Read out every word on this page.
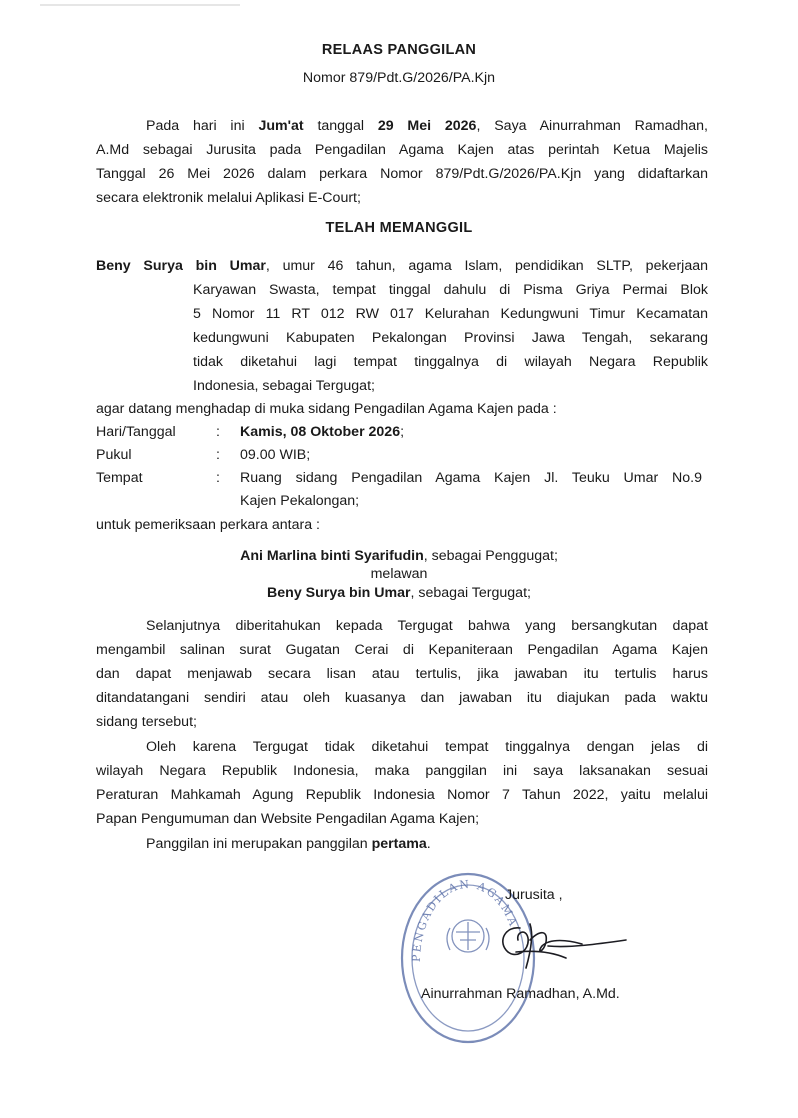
RELAAS PANGGILAN
Nomor 879/Pdt.G/2026/PA.Kjn
Pada hari ini Jum'at tanggal 29 Mei 2026, Saya Ainurrahman Ramadhan,
A.Md sebagai Jurusita pada Pengadilan Agama Kajen atas perintah Ketua Majelis
Tanggal 26 Mei 2026 dalam perkara Nomor 879/Pdt.G/2026/PA.Kjn yang didaftarkan
secara elektronik melalui Aplikasi E-Court;
TELAH MEMANGGIL
Beny Surya bin Umar, umur 46 tahun, agama Islam, pendidikan SLTP, pekerjaan
Karyawan Swasta, tempat tinggal dahulu di Pisma Griya Permai Blok
5 Nomor 11 RT 012 RW 017 Kelurahan Kedungwuni Timur Kecamatan
kedungwuni Kabupaten Pekalongan Provinsi Jawa Tengah, sekarang
tidak diketahui lagi tempat tinggalnya di wilayah Negara Republik
Indonesia, sebagai Tergugat;
agar datang menghadap di muka sidang Pengadilan Agama Kajen pada :
Hari/Tanggal	: Kamis, 08 Oktober 2026;
Pukul	: 09.00 WIB;
Tempat	: Ruang sidang Pengadilan Agama Kajen Jl. Teuku Umar No.9
Kajen Pekalongan;
untuk pemeriksaan perkara antara :
Ani Marlina binti Syarifudin, sebagai Penggugat;
melawan
Beny Surya bin Umar, sebagai Tergugat;
Selanjutnya diberitahukan kepada Tergugat bahwa yang bersangkutan dapat
mengambil salinan surat Gugatan Cerai di Kepaniteraan Pengadilan Agama Kajen
dan dapat menjawab secara lisan atau tertulis, jika jawaban itu tertulis harus
ditandatangani sendiri atau oleh kuasanya dan jawaban itu diajukan pada waktu
sidang tersebut;
Oleh karena Tergugat tidak diketahui tempat tinggalnya dengan jelas di
wilayah Negara Republik Indonesia, maka panggilan ini saya laksanakan sesuai
Peraturan Mahkamah Agung Republik Indonesia Nomor 7 Tahun 2022, yaitu melalui
Papan Pengumuman dan Website Pengadilan Agama Kajen;
Panggilan ini merupakan panggilan pertama.
PENGADILAN AGAMA
Jurusita ,
Ainurrahman Ramadhan, A.Md.
